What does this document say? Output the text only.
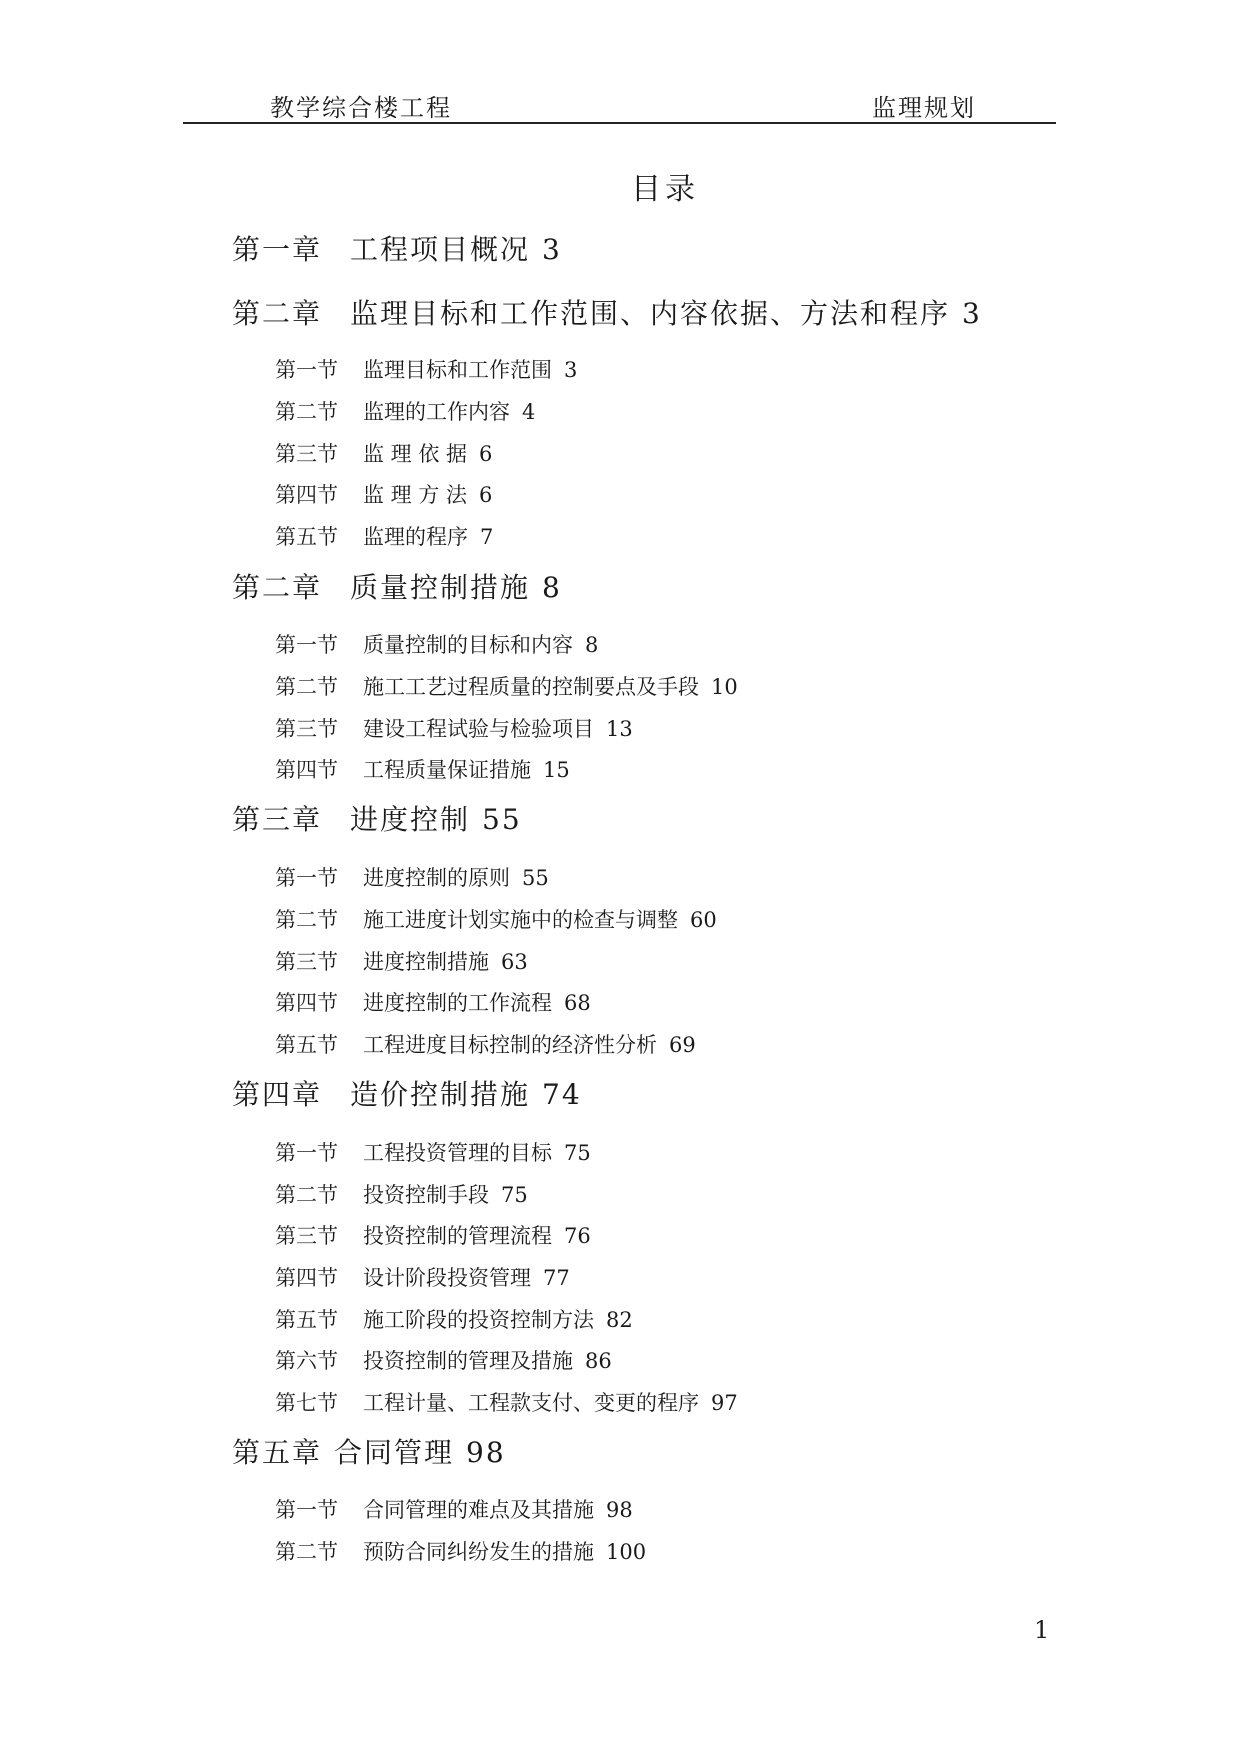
教学综合楼工程	监理规划
目录
第一章 工程项目概况 3
第二章 监理目标和工作范围、内容依据、方法和程序 3
第一节 监理目标和工作范围 3
第二节 监理的工作内容 4
第三节 监 理 依 据 6
第四节 监 理 方 法 6
第五节 监理的程序 7
第二章 质量控制措施 8
第一节 质量控制的目标和内容 8
第二节 施工工艺过程质量的控制要点及手段 10
第三节 建设工程试验与检验项目 13
第四节 工程质量保证措施 15
第三章 进度控制 55
第一节 进度控制的原则 55
第二节 施工进度计划实施中的检查与调整 60
第三节 进度控制措施 63
第四节 进度控制的工作流程 68
第五节 工程进度目标控制的经济性分析 69
第四章 造价控制措施 74
第一节 工程投资管理的目标 75
第二节 投资控制手段 75
第三节 投资控制的管理流程 76
第四节 设计阶段投资管理 77
第五节 施工阶段的投资控制方法 82
第六节 投资控制的管理及措施 86
第七节 工程计量、工程款支付、变更的程序 97
第五章 合同管理 98
第一节 合同管理的难点及其措施 98
第二节 预防合同纠纷发生的措施 100
1
